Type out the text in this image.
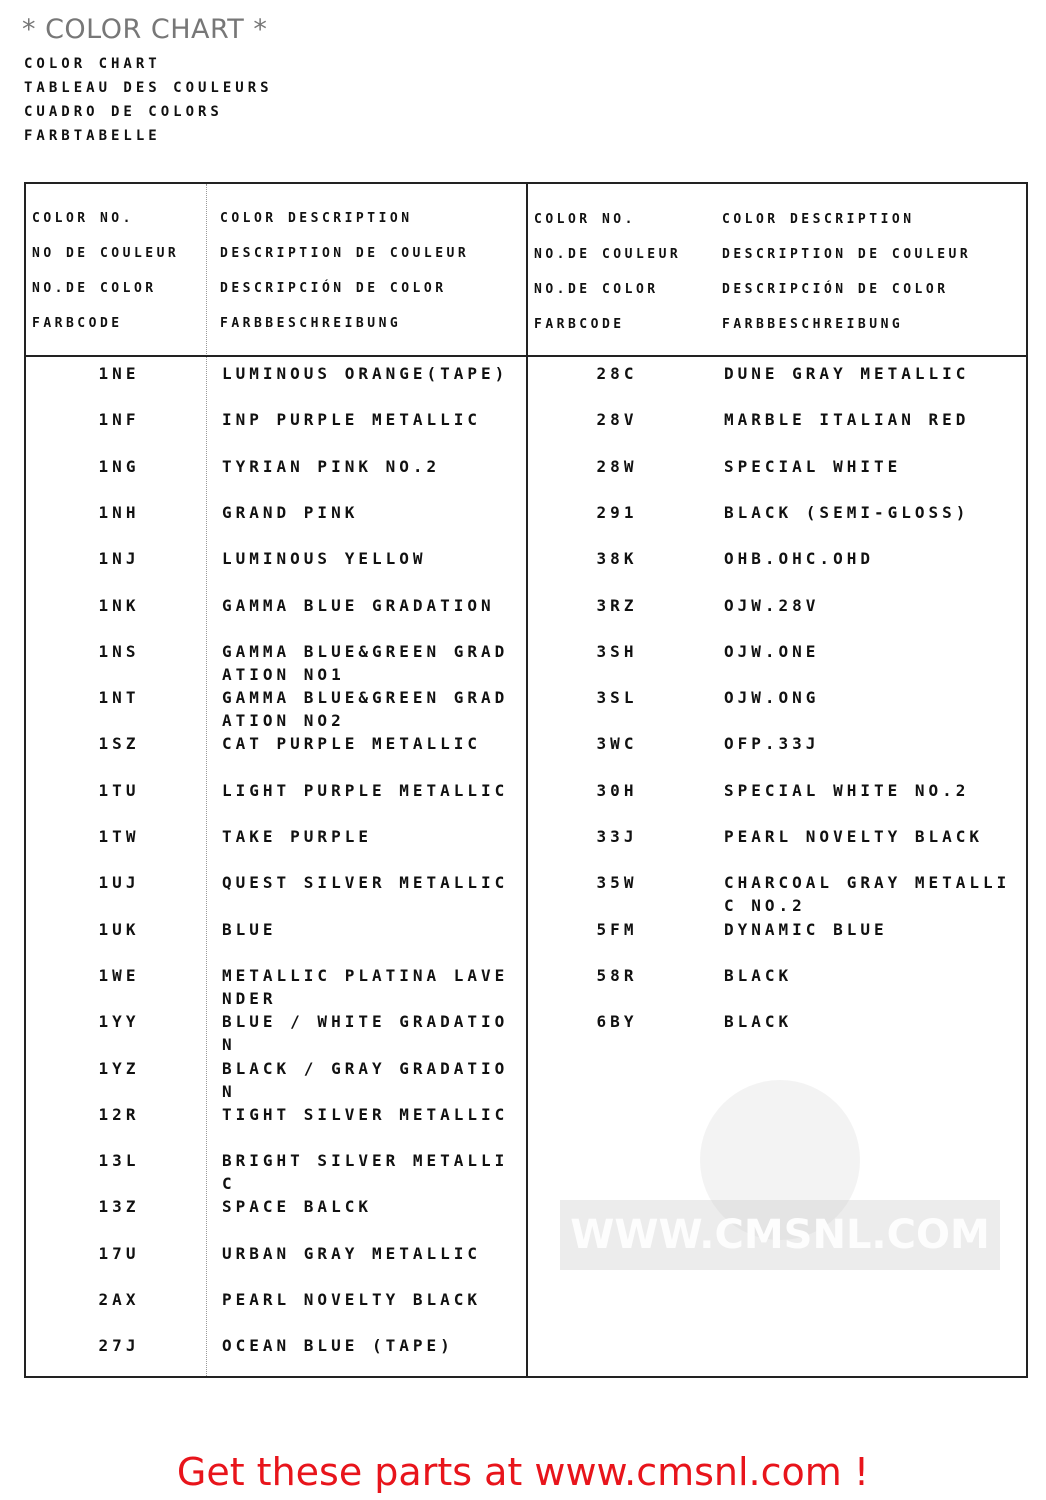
* COLOR CHART *
COLOR CHART
TABLEAU DES COULEURS
CUADRO DE COLORS
FARBTABELLE
COLOR NO.
NO DE COULEUR
NO.DE COLOR
FARBCODE
COLOR DESCRIPTION
DESCRIPTION DE COULEUR
DESCRIPCIÓN DE COLOR
FARBBESCHREIBUNG
COLOR NO.
NO.DE COULEUR
NO.DE COLOR
FARBCODE
COLOR DESCRIPTION
DESCRIPTION DE COULEUR
DESCRIPCIÓN DE COLOR
FARBBESCHREIBUNG
1NE	LUMINOUS ORANGE(TAPE)
1NF	INP PURPLE METALLIC
1NG	TYRIAN PINK NO.2
1NH	GRAND PINK
1NJ	LUMINOUS YELLOW
1NK	GAMMA BLUE GRADATION
1NS	GAMMA BLUE&GREEN GRAD
ATION NO1
1NT	GAMMA BLUE&GREEN GRAD
ATION NO2
1SZ	CAT PURPLE METALLIC
1TU	LIGHT PURPLE METALLIC
1TW	TAKE PURPLE
1UJ	QUEST SILVER METALLIC
1UK	BLUE
1WE	METALLIC PLATINA LAVE
NDER
1YY	BLUE / WHITE GRADATIO
N
1YZ	BLACK / GRAY GRADATIO
N
12R	TIGHT SILVER METALLIC
13L	BRIGHT SILVER METALLI
C
13Z	SPACE BALCK
17U	URBAN GRAY METALLIC
2AX	PEARL NOVELTY BLACK
27J	OCEAN BLUE (TAPE)
28C	DUNE GRAY METALLIC
28V	MARBLE ITALIAN RED
28W	SPECIAL WHITE
291	BLACK (SEMI-GLOSS)
38K	OHB.OHC.OHD
3RZ	OJW.28V
3SH	OJW.ONE
3SL	OJW.ONG
3WC	OFP.33J
30H	SPECIAL WHITE NO.2
33J	PEARL NOVELTY BLACK
35W	CHARCOAL GRAY METALLI
C NO.2
5FM	DYNAMIC BLUE
58R	BLACK
6BY	BLACK
WWW.CMSNL.COM
Get these parts at www.cmsnl.com !
